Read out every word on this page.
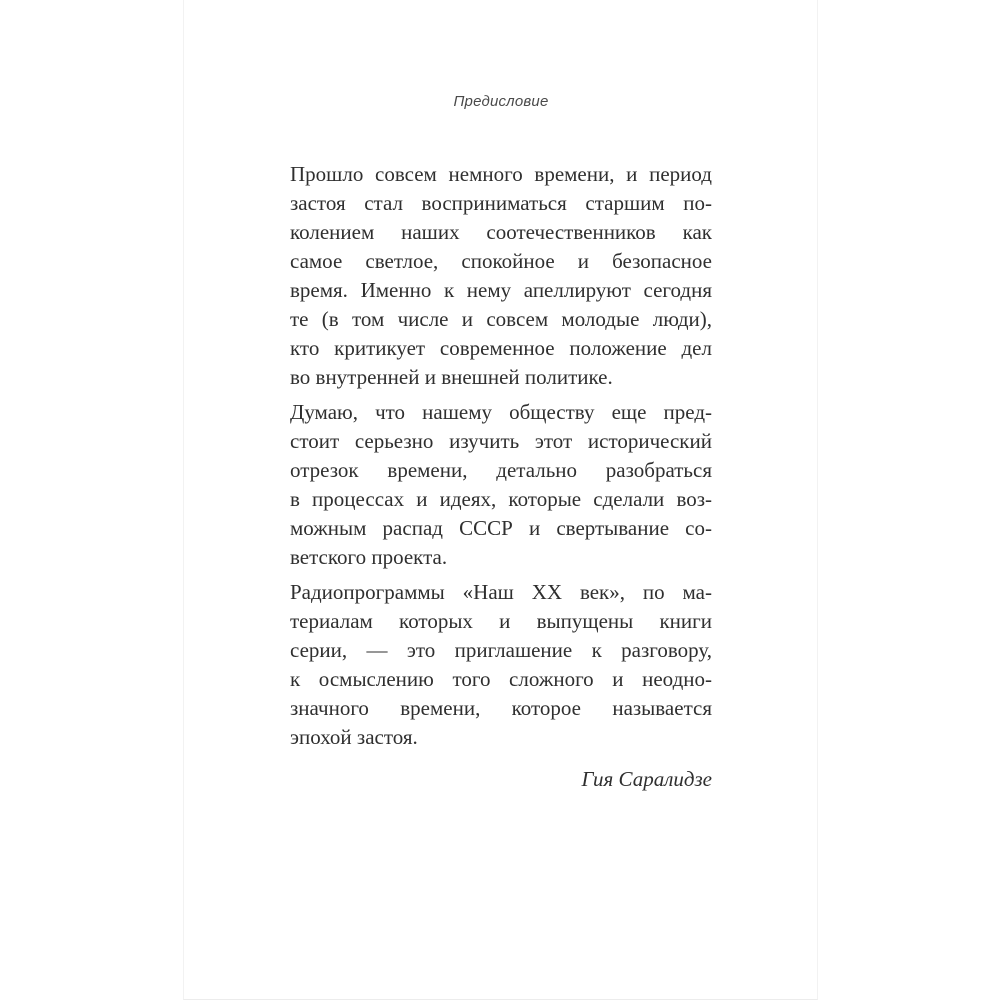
Предисловие
Прошло совсем немного времени, и период
застоя стал восприниматься старшим по-
колением наших соотечественников как
самое светлое, спокойное и безопасное
время. Именно к нему апеллируют сегодня
те (в том числе и совсем молодые люди),
кто критикует современное положение дел
во внутренней и внешней политике.
Думаю, что нашему обществу еще пред-
стоит серьезно изучить этот исторический
отрезок времени, детально разобраться
в процессах и идеях, которые сделали воз-
можным распад СССР и свертывание со-
ветского проекта.
Радиопрограммы «Наш XX век», по ма-
териалам которых и выпущены книги
серии, — это приглашение к разговору,
к осмыслению того сложного и неодно-
значного времени, которое называется
эпохой застоя.
Гия Саралидзе
